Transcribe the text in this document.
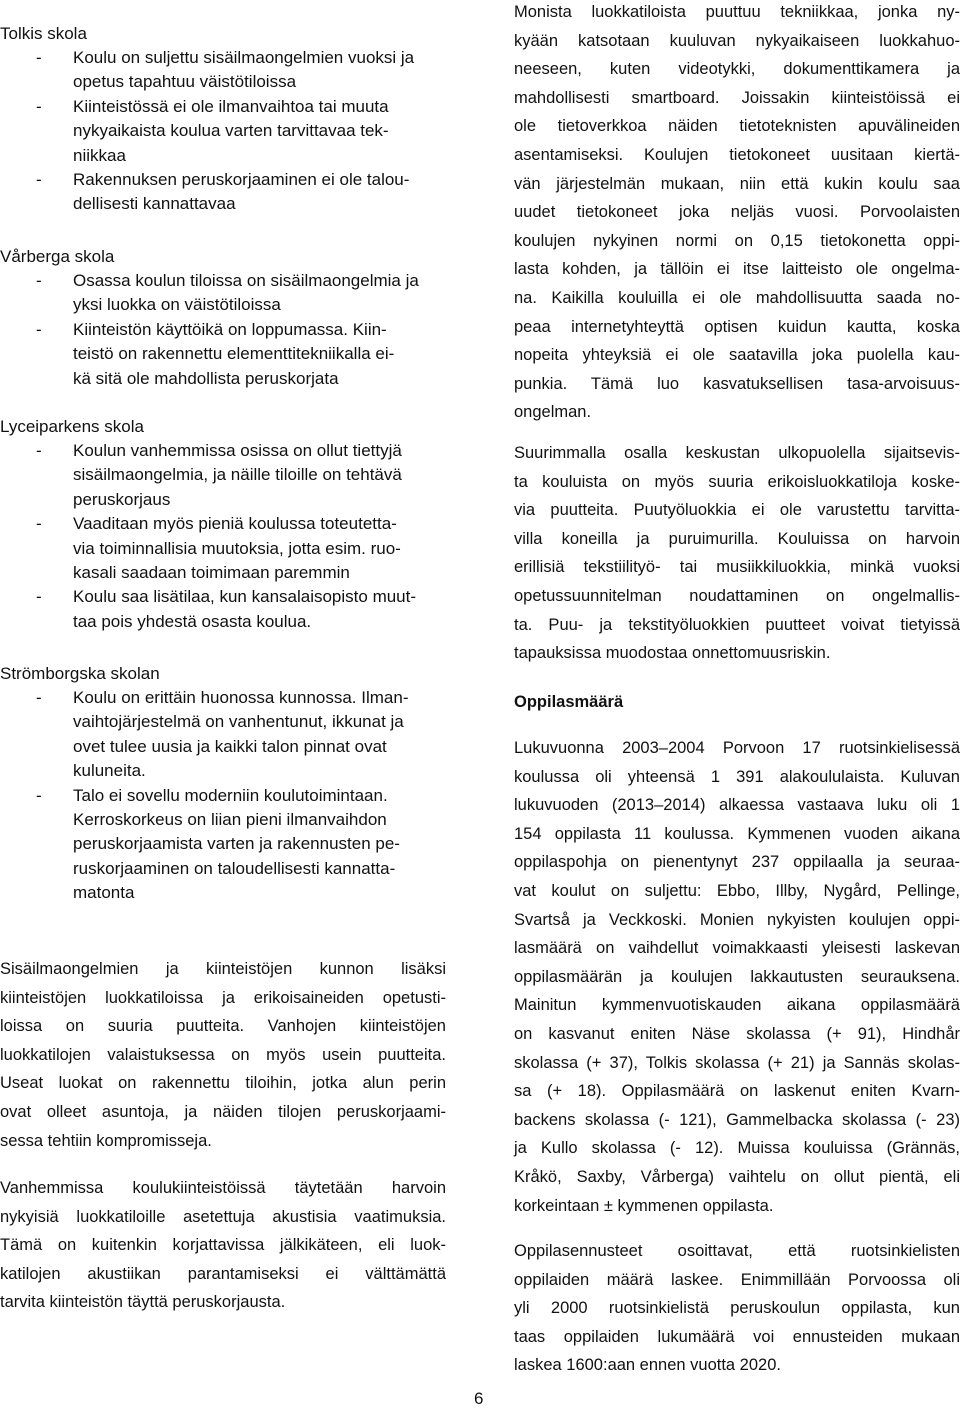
Tolkis skola
- Koulu on suljettu sisäilmaongelmien vuoksi ja
opetus tapahtuu väistötiloissa
- Kiinteistössä ei ole ilmanvaihtoa tai muuta
nykyaikaista koulua varten tarvittavaa tek-
niikkaa
- Rakennuksen peruskorjaaminen ei ole talou-
dellisesti kannattavaa
Vårberga skola
- Osassa koulun tiloissa on sisäilmaongelmia ja
yksi luokka on väistötiloissa
- Kiinteistön käyttöikä on loppumassa. Kiin-
teistö on rakennettu elementtitekniikalla ei-
kä sitä ole mahdollista peruskorjata
Lyceiparkens skola
- Koulun vanhemmissa osissa on ollut tiettyjä
sisäilmaongelmia, ja näille tiloille on tehtävä
peruskorjaus
- Vaaditaan myös pieniä koulussa toteutetta-
via toiminnallisia muutoksia, jotta esim. ruo-
kasali saadaan toimimaan paremmin
- Koulu saa lisätilaa, kun kansalaisopisto muut-
taa pois yhdestä osasta koulua.
Strömborgska skolan
- Koulu on erittäin huonossa kunnossa. Ilman-
vaihtojärjestelmä on vanhentunut, ikkunat ja
ovet tulee uusia ja kaikki talon pinnat ovat
kuluneita.
- Talo ei sovellu moderniin koulutoimintaan.
Kerroskorkeus on liian pieni ilmanvaihdon
peruskorjaamista varten ja rakennusten pe-
ruskorjaaminen on taloudellisesti kannatta-
matonta
Sisäilmaongelmien ja kiinteistöjen kunnon lisäksi
kiinteistöjen luokkatiloissa ja erikoisaineiden opetusti-
loissa on suuria puutteita. Vanhojen kiinteistöjen
luokkatilojen valaistuksessa on myös usein puutteita.
Useat luokat on rakennettu tiloihin, jotka alun perin
ovat olleet asuntoja, ja näiden tilojen peruskorjaami-
sessa tehtiin kompromisseja.
Vanhemmissa koulukiinteistöissä täytetään harvoin
nykyisiä luokkatiloille asetettuja akustisia vaatimuksia.
Tämä on kuitenkin korjattavissa jälkikäteen, eli luok-
katilojen akustiikan parantamiseksi ei välttämättä
tarvita kiinteistön täyttä peruskorjausta.
Monista luokkatiloista puuttuu tekniikkaa, jonka ny-
kyään katsotaan kuuluvan nykyaikaiseen luokkahuo-
neeseen, kuten videotykki, dokumenttikamera ja
mahdollisesti smartboard. Joissakin kiinteistöissä ei
ole tietoverkkoa näiden tietoteknisten apuvälineiden
asentamiseksi. Koulujen tietokoneet uusitaan kiertä-
vän järjestelmän mukaan, niin että kukin koulu saa
uudet tietokoneet joka neljäs vuosi. Porvoolaisten
koulujen nykyinen normi on 0,15 tietokonetta oppi-
lasta kohden, ja tällöin ei itse laitteisto ole ongelma-
na. Kaikilla kouluilla ei ole mahdollisuutta saada no-
peaa internetyhteyttä optisen kuidun kautta, koska
nopeita yhteyksiä ei ole saatavilla joka puolella kau-
punkia. Tämä luo kasvatuksellisen tasa-arvoisuus-
ongelman.
Suurimmalla osalla keskustan ulkopuolella sijaitsevis-
ta kouluista on myös suuria erikoisluokkatiloja koske-
via puutteita. Puutyöluokkia ei ole varustettu tarvitta-
villa koneilla ja puruimurilla. Kouluissa on harvoin
erillisiä tekstiilityö- tai musiikkiluokkia, minkä vuoksi
opetussuunnitelman noudattaminen on ongelmallis-
ta. Puu- ja tekstityöluokkien puutteet voivat tietyissä
tapauksissa muodostaa onnettomuusriskin.
Oppilasmäärä
Lukuvuonna 2003–2004 Porvoon 17 ruotsinkielisessä
koulussa oli yhteensä 1 391 alakoululaista. Kuluvan
lukuvuoden (2013–2014) alkaessa vastaava luku oli 1
154 oppilasta 11 koulussa. Kymmenen vuoden aikana
oppilaspohja on pienentynyt 237 oppilaalla ja seuraa-
vat koulut on suljettu: Ebbo, Illby, Nygård, Pellinge,
Svartså ja Veckkoski. Monien nykyisten koulujen oppi-
lasmäärä on vaihdellut voimakkaasti yleisesti laskevan
oppilasmäärän ja koulujen lakkautusten seurauksena.
Mainitun kymmenvuotiskauden aikana oppilasmäärä
on kasvanut eniten Näse skolassa (+ 91), Hindhår
skolassa (+ 37), Tolkis skolassa (+ 21) ja Sannäs skolas-
sa (+ 18). Oppilasmäärä on laskenut eniten Kvarn-
backens skolassa (- 121), Gammelbacka skolassa (- 23)
ja Kullo skolassa (- 12). Muissa kouluissa (Grännäs,
Kråkö, Saxby, Vårberga) vaihtelu on ollut pientä, eli
korkeintaan ± kymmenen oppilasta.
Oppilasennusteet osoittavat, että ruotsinkielisten
oppilaiden määrä laskee. Enimmillään Porvoossa oli
yli 2000 ruotsinkielistä peruskoulun oppilasta, kun
taas oppilaiden lukumäärä voi ennusteiden mukaan
laskea 1600:aan ennen vuotta 2020.
6
